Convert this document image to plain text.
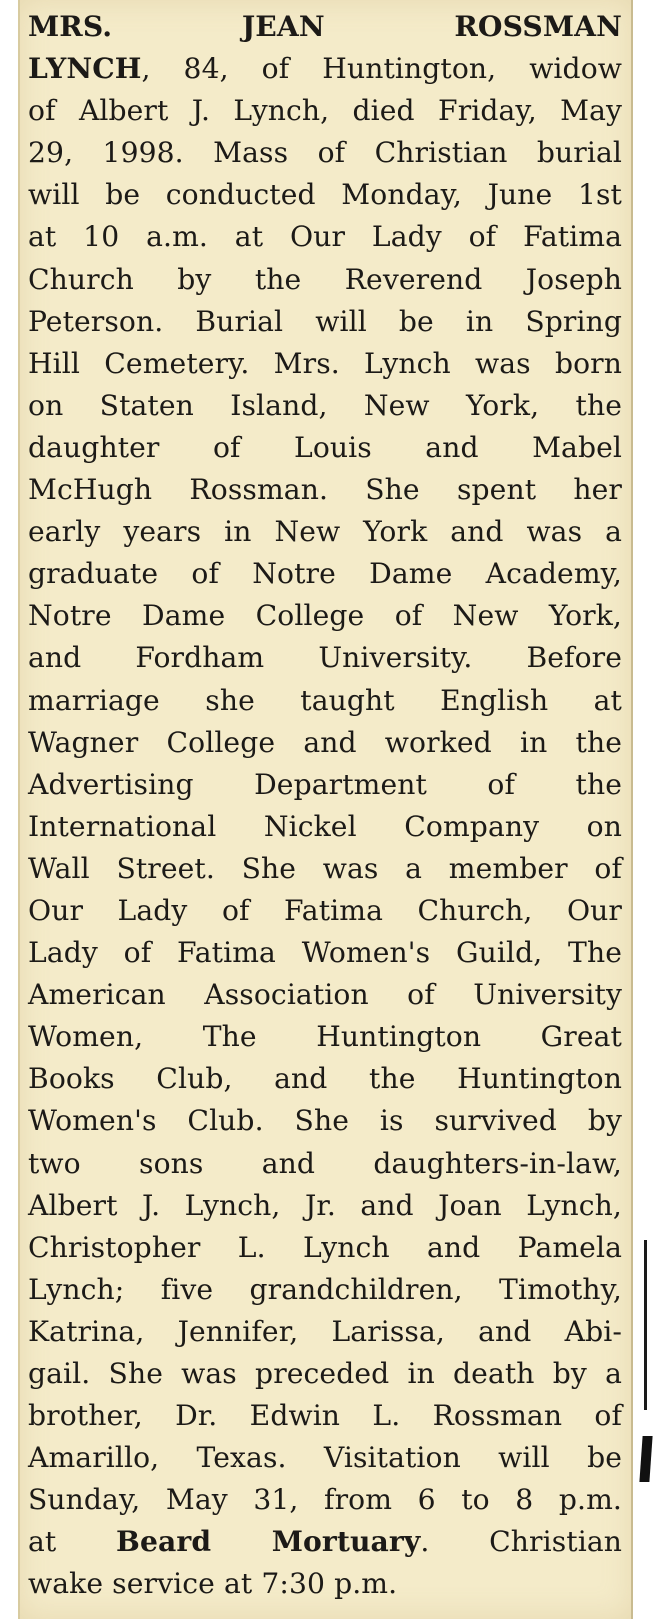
MRS. JEAN ROSSMAN
LYNCH, 84, of Huntington, widow
of Albert J. Lynch, died Friday, May
29, 1998. Mass of Christian burial
will be conducted Monday, June 1st
at 10 a.m. at Our Lady of Fatima
Church by the Reverend Joseph
Peterson. Burial will be in Spring
Hill Cemetery. Mrs. Lynch was born
on Staten Island, New York, the
daughter of Louis and Mabel
McHugh Rossman. She spent her
early years in New York and was a
graduate of Notre Dame Academy,
Notre Dame College of New York,
and Fordham University. Before
marriage she taught English at
Wagner College and worked in the
Advertising Department of the
International Nickel Company on
Wall Street. She was a member of
Our Lady of Fatima Church, Our
Lady of Fatima Women's Guild, The
American Association of University
Women, The Huntington Great
Books Club, and the Huntington
Women's Club. She is survived by
two sons and daughters-in-law,
Albert J. Lynch, Jr. and Joan Lynch,
Christopher L. Lynch and Pamela
Lynch; five grandchildren, Timothy,
Katrina, Jennifer, Larissa, and Abi-
gail. She was preceded in death by a
brother, Dr. Edwin L. Rossman of
Amarillo, Texas. Visitation will be
Sunday, May 31, from 6 to 8 p.m.
at Beard Mortuary. Christian
wake service at 7:30 p.m.
